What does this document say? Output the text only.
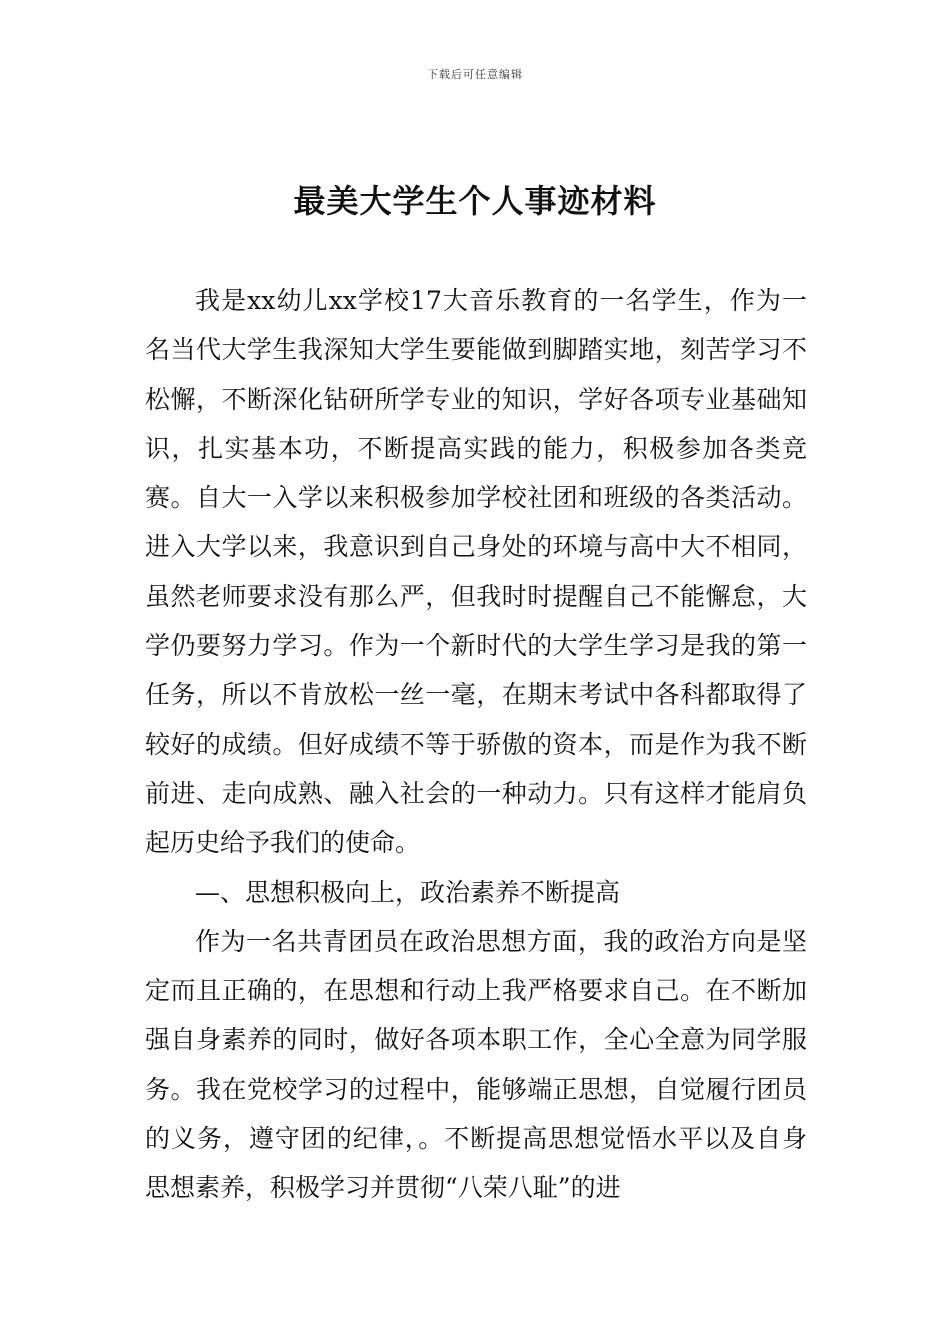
下载后可任意编辑
最美大学生个人事迹材料

我是xx幼儿xx学校17大音乐教育的一名学生，作为一名当代大学生我深知大学生要能做到脚踏实地，刻苦学习不松懈，不断深化钻研所学专业的知识，学好各项专业基础知识，扎实基本功，不断提高实践的能力，积极参加各类竞赛。自大一入学以来积极参加学校社团和班级的各类活动。进入大学以来，我意识到自己身处的环境与高中大不相同，虽然老师要求没有那么严，但我时时提醒自己不能懈怠，大学仍要努力学习。作为一个新时代的大学生学习是我的第一任务，所以不肯放松一丝一毫，在期末考试中各科都取得了较好的成绩。但好成绩不等于骄傲的资本，而是作为我不断前进、走向成熟、融入社会的一种动力。只有这样才能肩负起历史给予我们的使命。

—、思想积极向上，政治素养不断提高

作为一名共青团员在政治思想方面，我的政治方向是坚定而且正确的，在思想和行动上我严格要求自己。在不断加强自身素养的同时，做好各项本职工作，全心全意为同学服务。我在党校学习的过程中，能够端正思想，自觉履行团员的义务，遵守团的纪律，。不断提高思想觉悟水平以及自身思想素养，积极学习并贯彻“八荣八耻”的进
